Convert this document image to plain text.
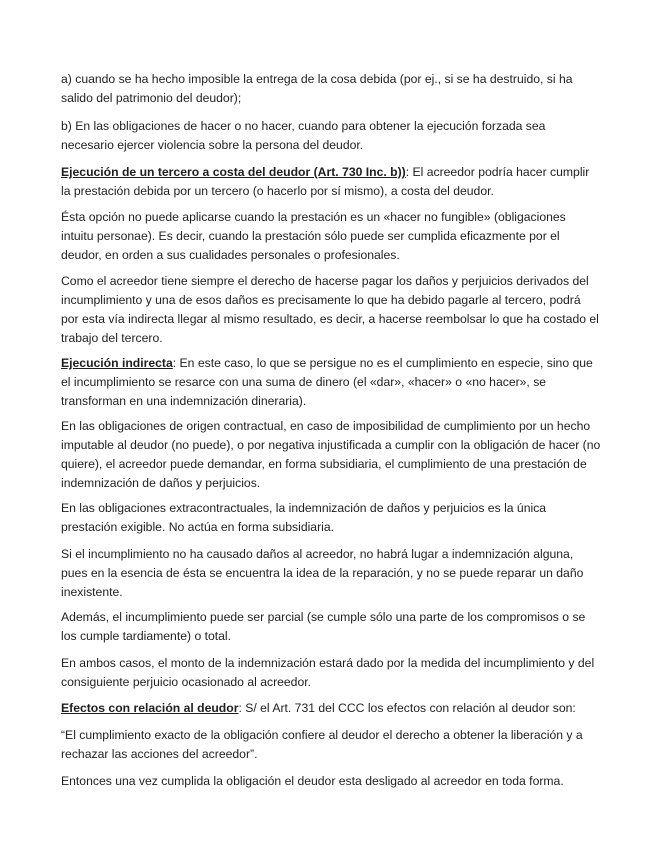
a) cuando se ha hecho imposible la entrega de la cosa debida (por ej., si se ha destruido, si ha salido del patrimonio del deudor);

b) En las obligaciones de hacer o no hacer, cuando para obtener la ejecución forzada sea necesario ejercer violencia sobre la persona del deudor.

Ejecución de un tercero a costa del deudor (Art. 730 Inc. b)): El acreedor podría hacer cumplir la prestación debida por un tercero (o hacerlo por sí mismo), a costa del deudor.

Ésta opción no puede aplicarse cuando la prestación es un «hacer no fungible» (obligaciones intuitu personae). Es decir, cuando la prestación sólo puede ser cumplida eficazmente por el deudor, en orden a sus cualidades personales o profesionales.

Como el acreedor tiene siempre el derecho de hacerse pagar los daños y perjuicios derivados del incumplimiento y una de esos daños es precisamente lo que ha debido pagarle al tercero, podrá por esta vía indirecta llegar al mismo resultado, es decir, a hacerse reembolsar lo que ha costado el trabajo del tercero.

Ejecución indirecta: En este caso, lo que se persigue no es el cumplimiento en especie, sino que el incumplimiento se resarce con una suma de dinero (el «dar», «hacer» o «no hacer», se transforman en una indemnización dineraria).

En las obligaciones de origen contractual, en caso de imposibilidad de cumplimiento por un hecho imputable al deudor (no puede), o por negativa injustificada a cumplir con la obligación de hacer (no quiere), el acreedor puede demandar, en forma subsidiaria, el cumplimiento de una prestación de indemnización de daños y perjuicios.

En las obligaciones extracontractuales, la indemnización de daños y perjuicios es la única prestación exigible. No actúa en forma subsidiaria.

Si el incumplimiento no ha causado daños al acreedor, no habrá lugar a indemnización alguna, pues en la esencia de ésta se encuentra la idea de la reparación, y no se puede reparar un daño inexistente.

Además, el incumplimiento puede ser parcial (se cumple sólo una parte de los compromisos o se los cumple tardiamente) o total.

En ambos casos, el monto de la indemnización estará dado por la medida del incumplimiento y del consiguiente perjuicio ocasionado al acreedor.

Efectos con relación al deudor: S/ el Art. 731 del CCC los efectos con relación al deudor son:

“El cumplimiento exacto de la obligación confiere al deudor el derecho a obtener la liberación y a rechazar las acciones del acreedor”.

Entonces una vez cumplida la obligación el deudor esta desligado al acreedor en toda forma.
